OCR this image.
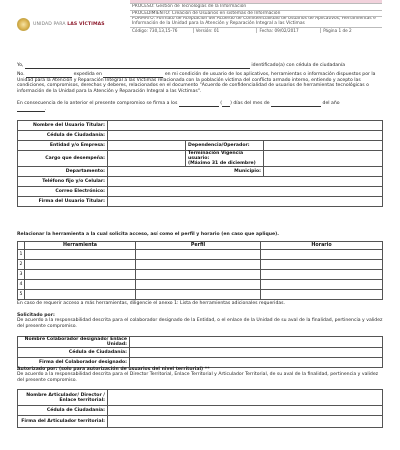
UNIDAD PARA LAS VÍCTIMAS
PROCESO: Gestión de Tecnologías de la Información
PROCEDIMIENTO: Creación de Usuarios en sistemas de Información
FORMATO: Formato de Aceptación del Acuerdo de Confidencialidad de Usuarios de Aplicativos, Herramientas e Información de la Unidad para la Atención y Reparación Integral a las Víctimas
Código: 730,13,15-76	Versión: 01	Fecha: 09/02/2017	Página 1 de 2
Yo,	identificado(a) con cédula de ciudadanía
No.	expedida en	en mi condición de usuario de los aplicativos, herramientas o información dispuestos por la Unidad para la Atención y Reparación Integral a las Víctimas relacionada con la población víctima del conflicto armado interno, entiendo y acepto las condiciones, compromisos, derechos y deberes, relacionados en el documento "Acuerdo de confidencialidad de usuarios de herramientas tecnológicas o información de la Unidad para la Atención y Reparación Integral a las Víctimas".
En consecuencia de lo anterior el presente compromiso se firma a los	( ) días del mes de	del año
.
Nombre del Usuario Titular:			
Cédula de Ciudadanía:			
Entidad y/o Empresa:		Dependencia/Operador:	
Cargo que desempeña:		Terminación Vigencia usuario:
(Máximo 31 de diciembre)	
Departamento:	Municipio:		
Teléfono fijo y/o Celular:			
Correo Electrónico:			
Firma del Usuario Titular:			
Relacionar la herramienta a la cual solicita acceso, así como el perfil y horario (en caso que aplique).
	Herramienta	Perfil	Horario
1			
2			
3			
4			
5			
En caso de requerir acceso a más herramientas, diligencie el anexo 1: Lista de herramientas adicionales requeridas.
Solicitado por:
De acuerdo a la responsabilidad descrita para el colaborador designado de la Entidad, o el enlace de la Unidad de su aval de la finalidad, pertinencia y validez del presente compromiso.
Nombre Colaborador designado/ Enlace Unidad:	
Cédula de Ciudadanía:	
Firma del Colaborador designado:	
Autorizado por: (solo para autorización de usuarios del nivel territorial) **
De acuerdo a la responsabilidad descrita para el Director Territorial, Enlace Territorial y Articulador Territorial, de su aval de la finalidad, pertinencia y validez del presente compromiso.
Nombre Articulador/ Director / Enlace territorial:	
Cédula de Ciudadanía:	
Firma del Articulador territorial:	
